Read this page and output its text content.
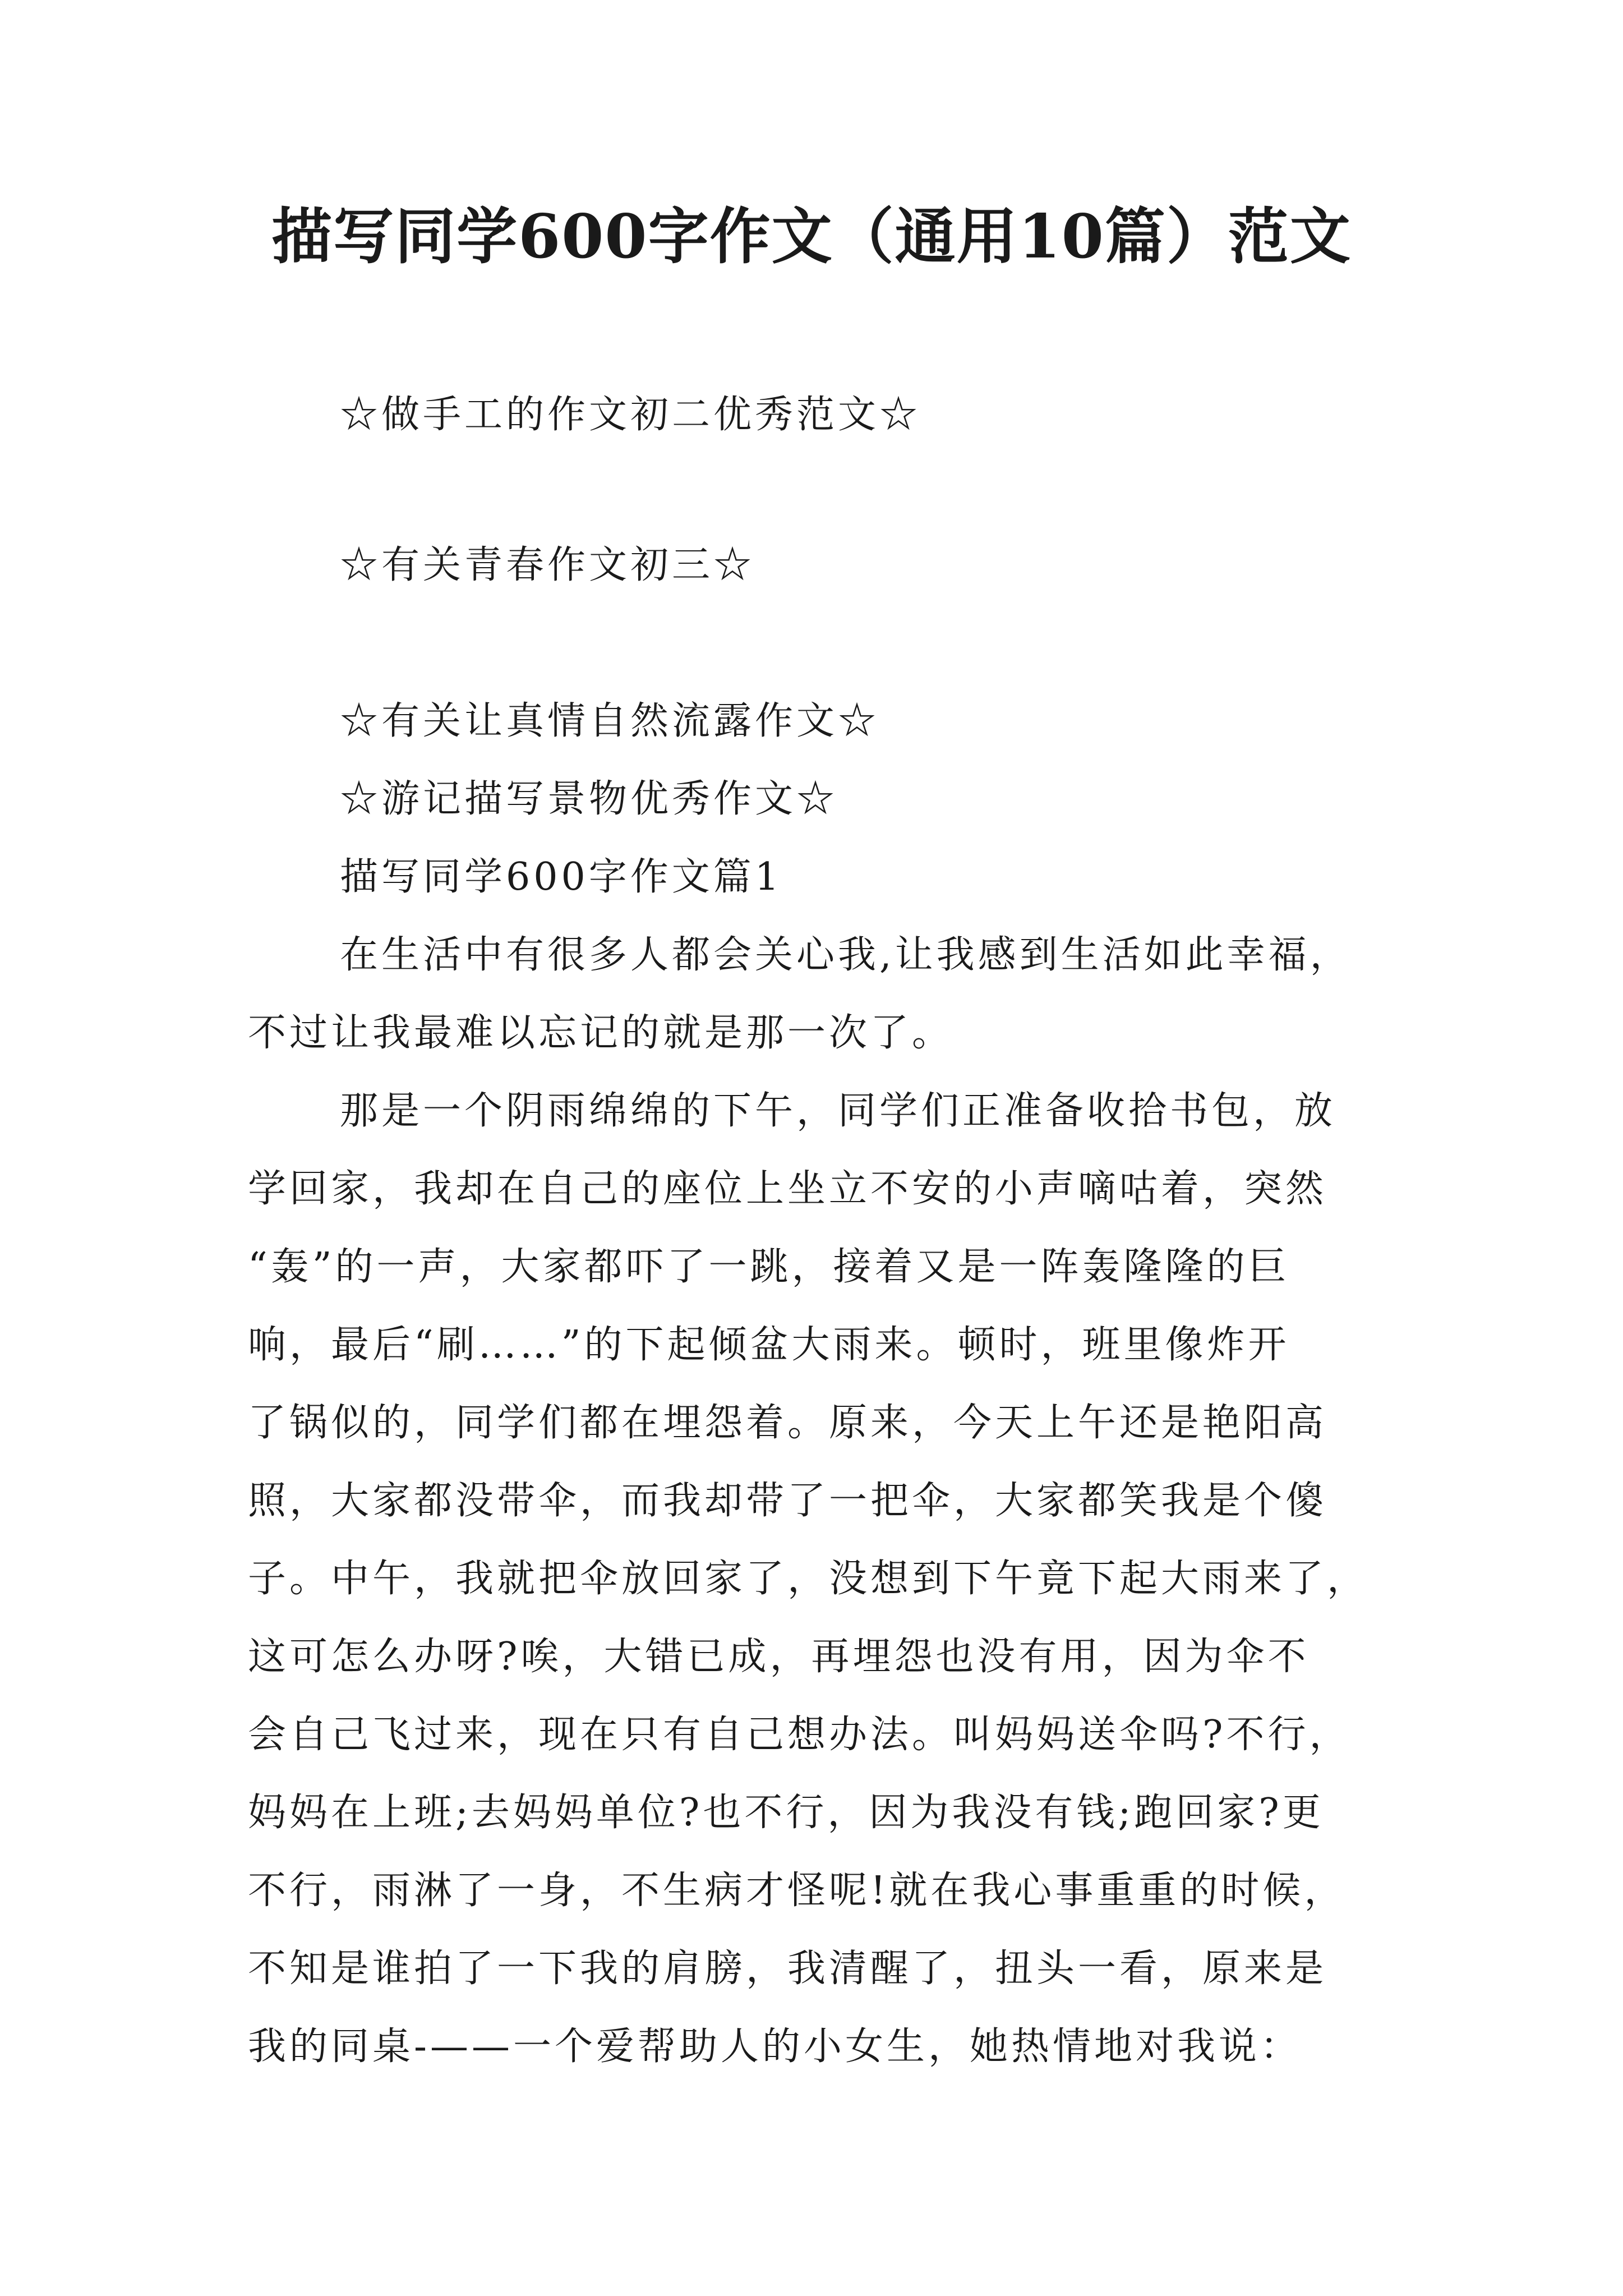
描写同学600字作文（通用10篇）范文
☆做手工的作文初二优秀范文☆
☆有关青春作文初三☆
☆有关让真情自然流露作文☆
☆游记描写景物优秀作文☆
描写同学600字作文篇1
在生活中有很多人都会关心我,让我感到生活如此幸福，
不过让我最难以忘记的就是那一次了。
那是一个阴雨绵绵的下午，同学们正准备收拾书包，放
学回家，我却在自己的座位上坐立不安的小声嘀咕着，突然
“轰”的一声，大家都吓了一跳，接着又是一阵轰隆隆的巨
响，最后“刷……”的下起倾盆大雨来。顿时，班里像炸开
了锅似的，同学们都在埋怨着。原来，今天上午还是艳阳高
照，大家都没带伞，而我却带了一把伞，大家都笑我是个傻
子。中午，我就把伞放回家了，没想到下午竟下起大雨来了，
这可怎么办呀?唉，大错已成，再埋怨也没有用，因为伞不
会自己飞过来，现在只有自己想办法。叫妈妈送伞吗?不行，
妈妈在上班;去妈妈单位?也不行，因为我没有钱;跑回家?更
不行，雨淋了一身，不生病才怪呢!就在我心事重重的时候，
不知是谁拍了一下我的肩膀，我清醒了，扭头一看，原来是
我的同桌-——一个爱帮助人的小女生，她热情地对我说：
